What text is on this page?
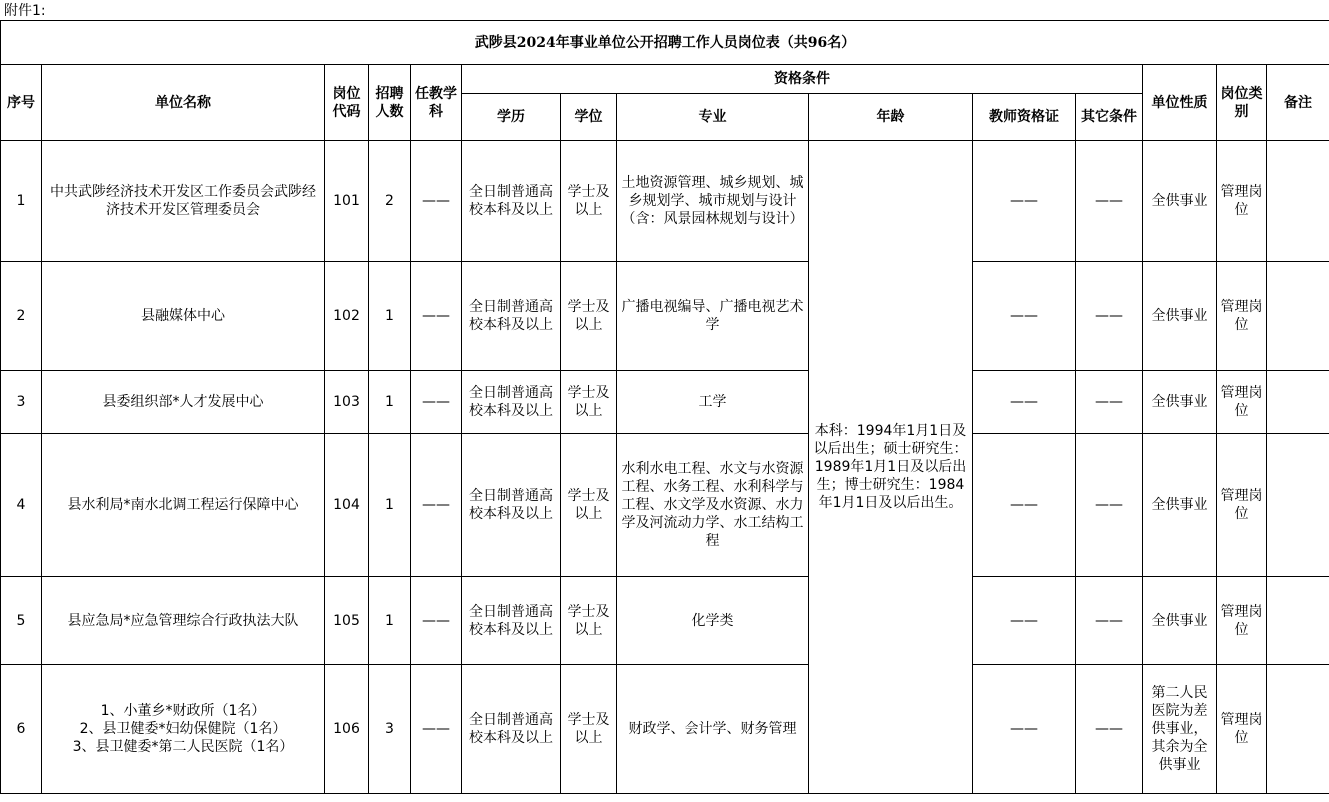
附件1:
武陟县2024年事业单位公开招聘工作人员岗位表（共96名）													
序号	单位名称	岗位代码	招聘人数	任教学科	资格条件						单位性质	岗位类别	备注
					学历	学位	专业	年龄	教师资格证	其它条件			
1	中共武陟经济技术开发区工作委员会武陟经济技术开发区管理委员会	101	2	——	全日制普通高校本科及以上	学士及以上	土地资源管理、城乡规划、城乡规划学、城市规划与设计（含：风景园林规划与设计）	本科：1994年1月1日及以后出生；硕士研究生：1989年1月1日及以后出生；博士研究生：1984年1月1日及以后出生。	——	——	全供事业	管理岗位	
2	县融媒体中心	102	1	——	全日制普通高校本科及以上	学士及以上	广播电视编导、广播电视艺术学		——	——	全供事业	管理岗位	
3	县委组织部*人才发展中心	103	1	——	全日制普通高校本科及以上	学士及以上	工学		——	——	全供事业	管理岗位	
4	县水利局*南水北调工程运行保障中心	104	1	——	全日制普通高校本科及以上	学士及以上	水利水电工程、水文与水资源工程、水务工程、水利科学与工程、水文学及水资源、水力学及河流动力学、水工结构工程		——	——	全供事业	管理岗位	
5	县应急局*应急管理综合行政执法大队	105	1	——	全日制普通高校本科及以上	学士及以上	化学类		——	——	全供事业	管理岗位	
6	1、小董乡*财政所（1名）
2、县卫健委*妇幼保健院（1名）
3、县卫健委*第二人民医院（1名）	106	3	——	全日制普通高校本科及以上	学士及以上	财政学、会计学、财务管理		——	——	第二人民医院为差供事业，其余为全供事业	管理岗位	
